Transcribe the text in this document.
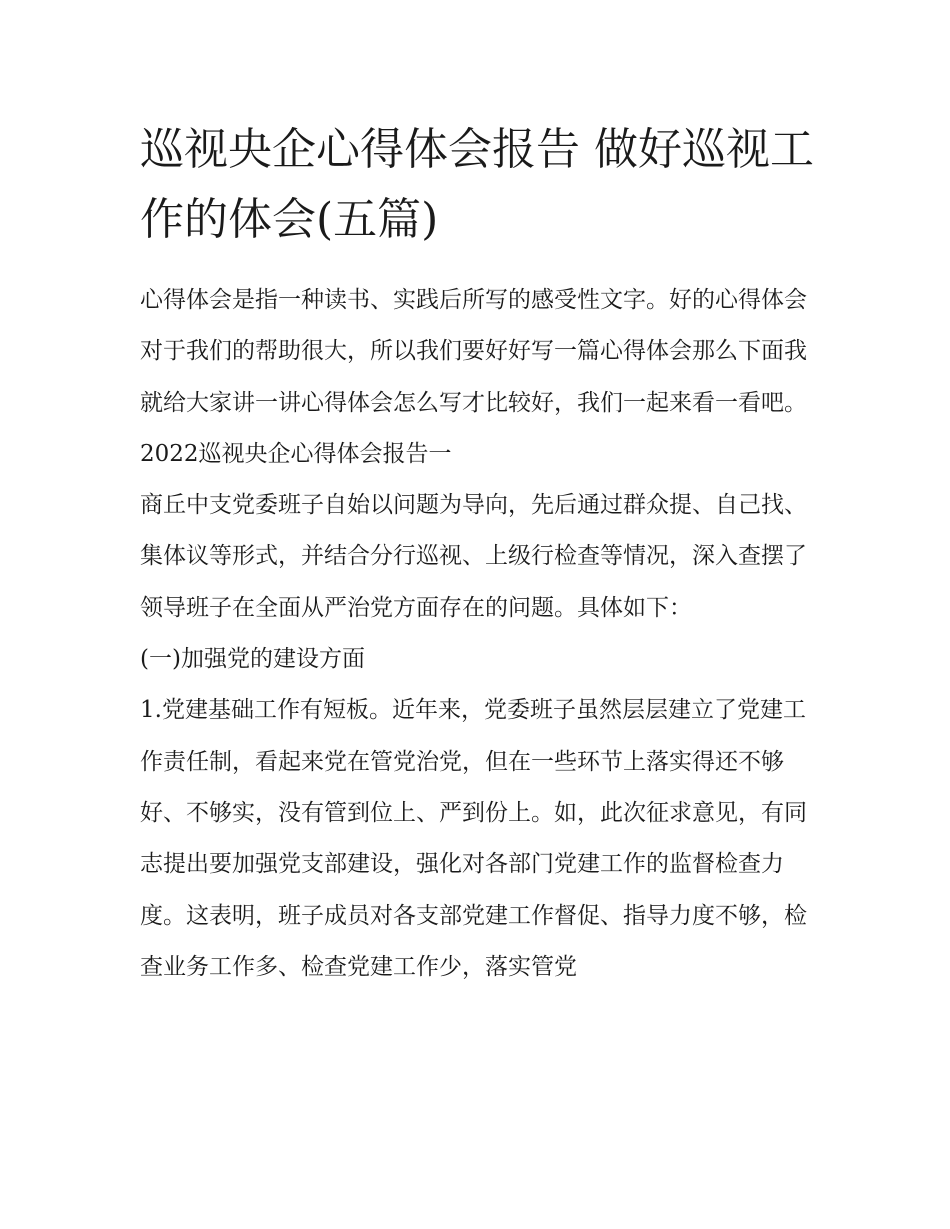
巡视央企心得体会报告 做好巡视工作的体会(五篇)

心得体会是指一种读书、实践后所写的感受性文字。好的心得体会对于我们的帮助很大，所以我们要好好写一篇心得体会那么下面我就给大家讲一讲心得体会怎么写才比较好，我们一起来看一看吧。

2022巡视央企心得体会报告一

商丘中支党委班子自始以问题为导向，先后通过群众提、自己找、集体议等形式，并结合分行巡视、上级行检查等情况，深入查摆了领导班子在全面从严治党方面存在的问题。具体如下：

(一)加强党的建设方面

1.党建基础工作有短板。近年来，党委班子虽然层层建立了党建工作责任制，看起来党在管党治党，但在一些环节上落实得还不够好、不够实，没有管到位上、严到份上。如，此次征求意见，有同志提出要加强党支部建设，强化对各部门党建工作的监督检查力度。这表明，班子成员对各支部党建工作督促、指导力度不够，检查业务工作多、检查党建工作少，落实管党
